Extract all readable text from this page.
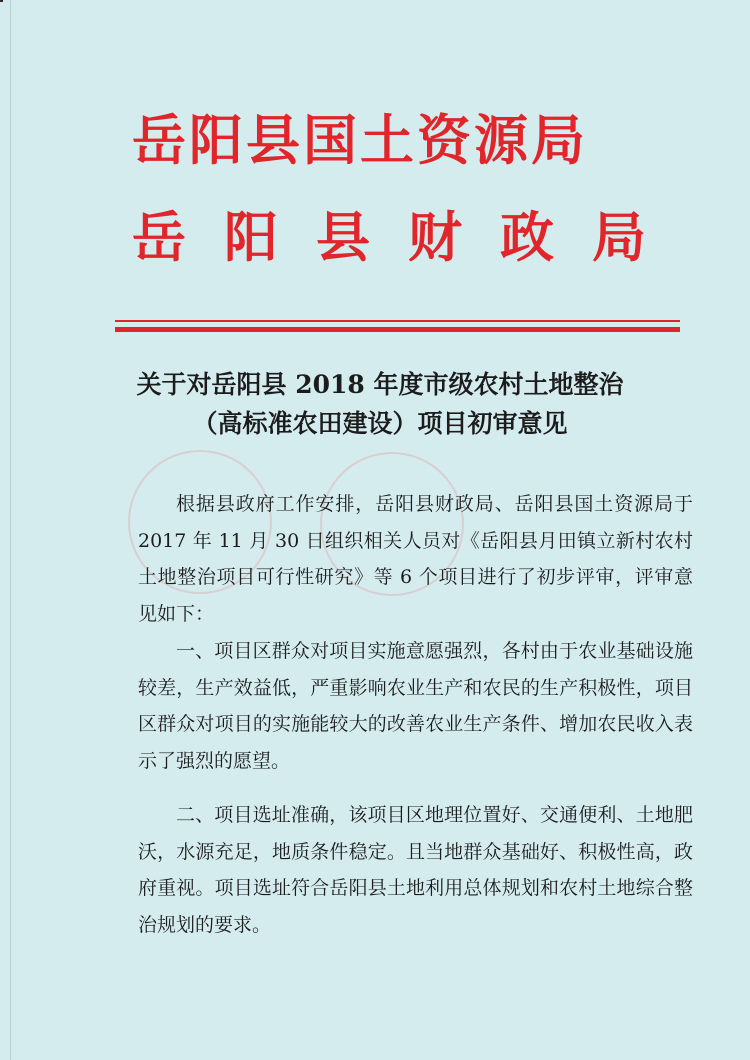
岳阳县国土资源局
岳阳县财政局
关于对岳阳县 2018 年度市级农村土地整治
（高标准农田建设）项目初审意见

根据县政府工作安排，岳阳县财政局、岳阳县国土资源局于 2017 年 11 月 30 日组织相关人员对《岳阳县月田镇立新村农村土地整治项目可行性研究》等 6 个项目进行了初步评审，评审意见如下：

一、项目区群众对项目实施意愿强烈，各村由于农业基础设施较差，生产效益低，严重影响农业生产和农民的生产积极性，项目区群众对项目的实施能较大的改善农业生产条件、增加农民收入表示了强烈的愿望。

二、项目选址准确，该项目区地理位置好、交通便利、土地肥沃，水源充足，地质条件稳定。且当地群众基础好、积极性高，政府重视。项目选址符合岳阳县土地利用总体规划和农村土地综合整治规划的要求。
